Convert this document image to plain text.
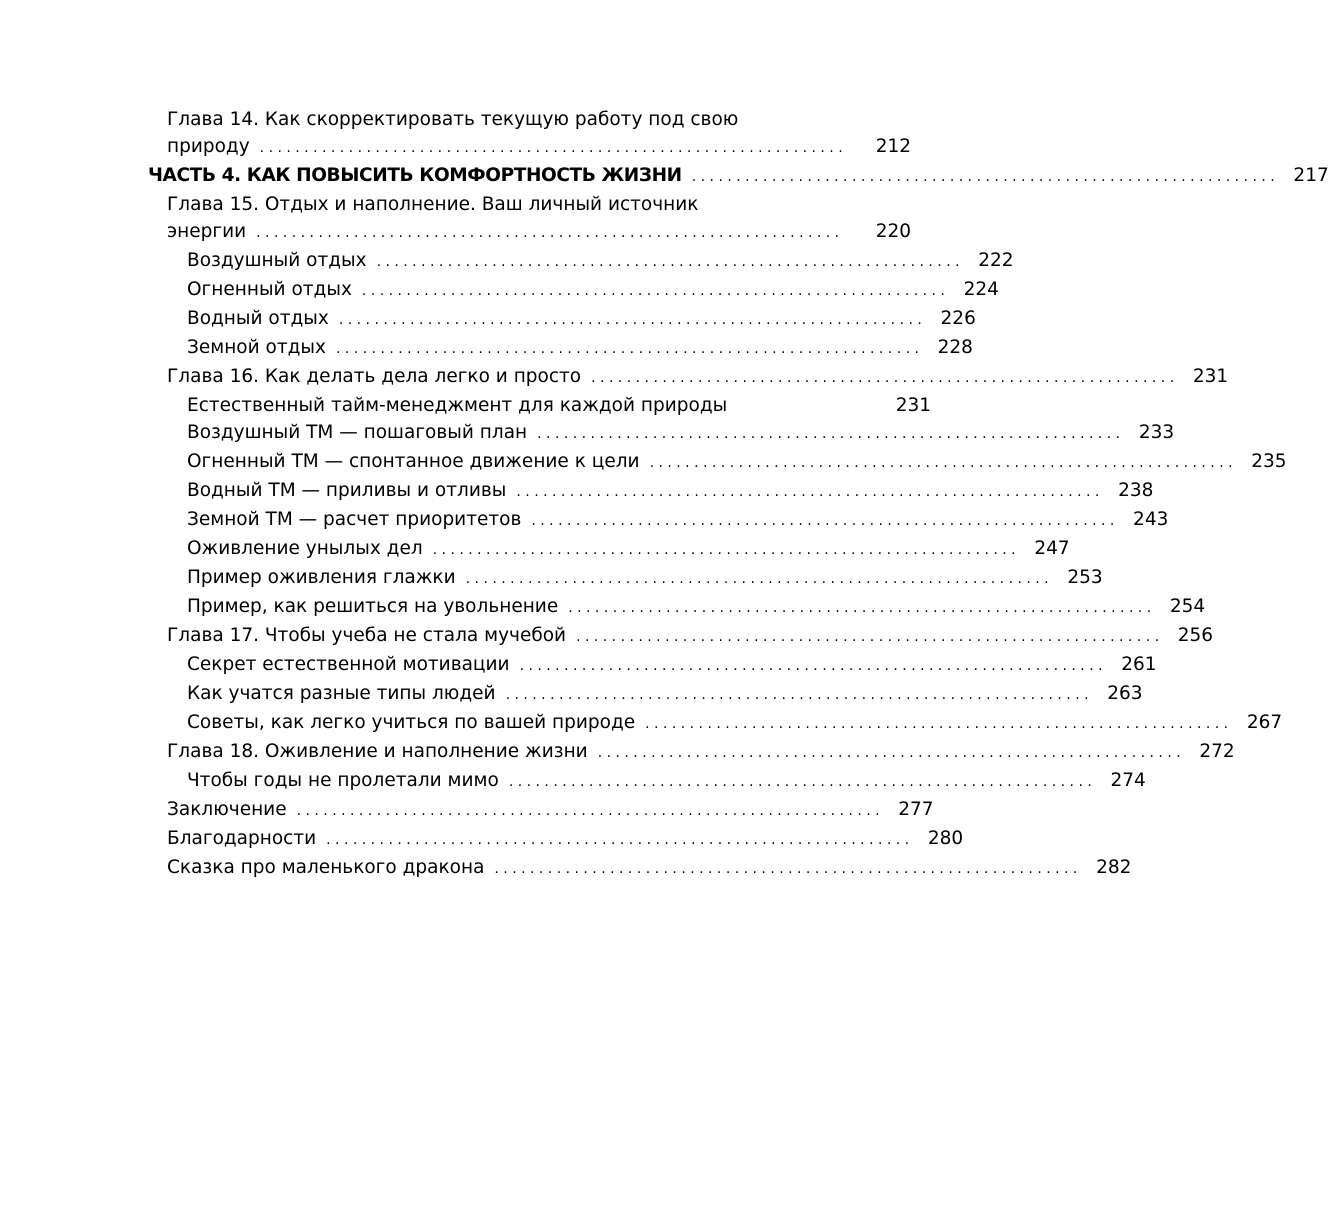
Глава 14. Как скорректировать текущую работу под свою
природу . . .	212
ЧАСТЬ 4. КАК ПОВЫСИТЬ КОМФОРТНОСТЬ ЖИЗНИ . . .	217
Глава 15. Отдых и наполнение. Ваш личный источник
энергии . . .	220
Воздушный отдых . . .	222
Огненный отдых . . .	224
Водный отдых . . .	226
Земной отдых . . .	228
Глава 16. Как делать дела легко и просто . . .	231
Естественный тайм-менеджмент для каждой природы	231
Воздушный ТМ — пошаговый план . . .	233
Огненный ТМ — спонтанное движение к цели . . .	235
Водный ТМ — приливы и отливы . . .	238
Земной ТМ — расчет приоритетов . . .	243
Оживление унылых дел . . .	247
Пример оживления глажки . . .	253
Пример, как решиться на увольнение . . .	254
Глава 17. Чтобы учеба не стала мучебой . . .	256
Секрет естественной мотивации . . .	261
Как учатся разные типы людей . . .	263
Советы, как легко учиться по вашей природе . . .	267
Глава 18. Оживление и наполнение жизни . . .	272
Чтобы годы не пролетали мимо . . .	274
Заключение . . .	277
Благодарности . . .	280
Сказка про маленького дракона . . .	282
